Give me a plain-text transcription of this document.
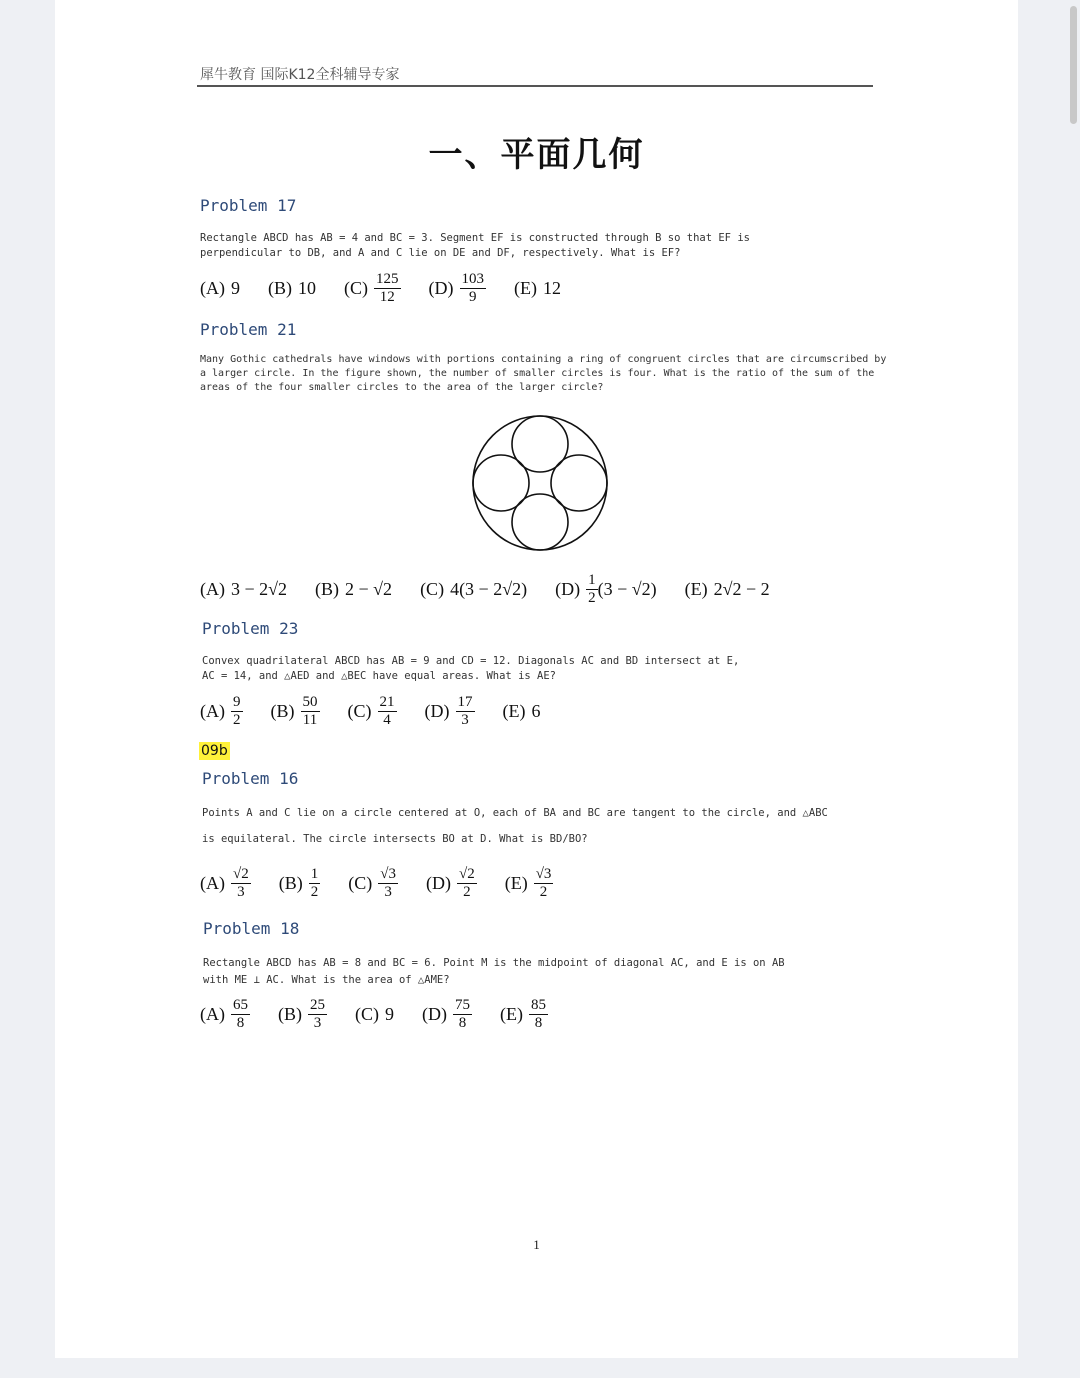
犀牛教育 国际K12全科辅导专家
一、平面几何
Problem 17
Rectangle ABCD has AB = 4 and BC = 3. Segment EF is constructed through B so that EF is
perpendicular to DB, and A and C lie on DE and DF, respectively. What is EF?
(A) 9 (B) 10 $(C) \frac{125}{12} (D) \frac{103}{9} (E)$ 12
Problem 21
Many Gothic cathedrals have windows with portions containing a ring of congruent circles that are circumscribed by
a larger circle. In the figure shown, the number of smaller circles is four. What is the ratio of the sum of the
areas of the four smaller circles to the area of the larger circle?
(A) 3 − 2√2 (B) 2 − √2 (C) 4(3 − 2√2) $(D) \frac{1}{2} (3 - √2)$ (E) 2√2 − 2
Problem 23
Convex quadrilateral ABCD has AB = 9 and CD = 12. Diagonals AC and BD intersect at E,
AC = 14, and △AED and △BEC have equal areas. What is AE?
$(A) \frac{9}{2} (B) \frac{50}{11} (C) \frac{21}{4} (D) \frac{17}{3} (E)$ 6
09b
Problem 16
Points A and C lie on a circle centered at O, each of BA and BC are tangent to the circle, and △ABC
is equilateral. The circle intersects BO at D. What is BD/BO?
$(A) \frac{√2}{3} (B) \frac{1}{2} (C) \frac{√3}{3} (D) \frac{√2}{2} (E) \frac{√3}{2}$
Problem 18
Rectangle ABCD has AB = 8 and BC = 6. Point M is the midpoint of diagonal AC, and E is on AB
with ME ⊥ AC. What is the area of △AME?
$(A) \frac{65}{8} (B) \frac{25}{3} (C)$ 9 $(D) \frac{75}{8} (E) \frac{85}{8}$
1
